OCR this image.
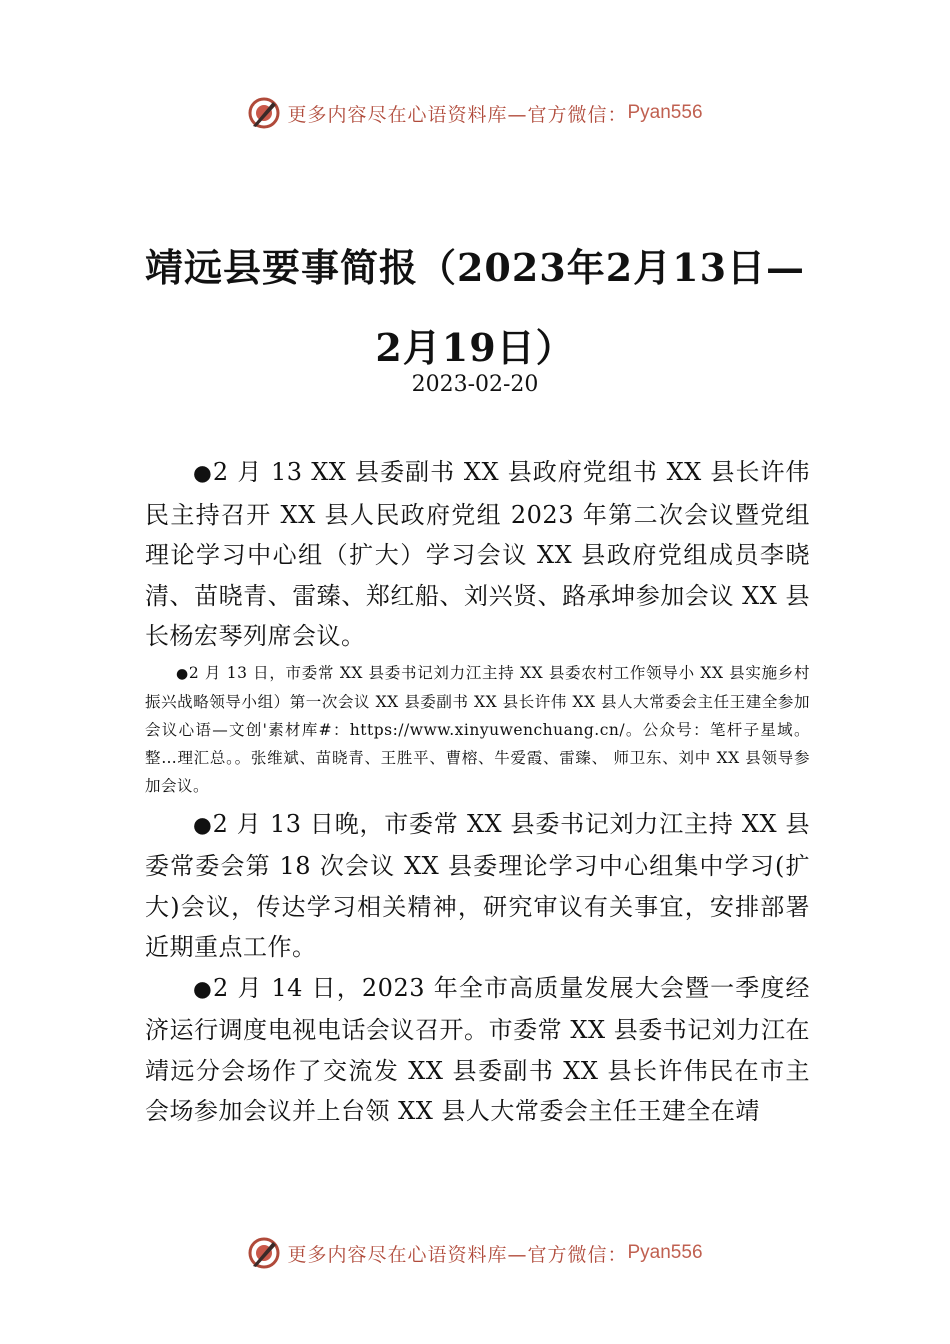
更多内容尽在心语资料库—官方微信： Pyan556
靖远县要事简报（2023年2月13日—2月19日）
2023-02-20

●2 月 13 XX 县委副书 XX 县政府党组书 XX 县长许伟民主持召开 XX 县人民政府党组 2023 年第二次会议暨党组理论学习中心组（扩大）学习会议 XX 县政府党组成员李晓清、苗晓青、雷臻、郑红船、刘兴贤、路承坤参加会议 XX 县长杨宏琴列席会议。

●2 月 13 日，市委常 XX 县委书记刘力江主持 XX 县委农村工作领导小 XX 县实施乡村振兴战略领导小组）第一次会议 XX 县委副书 XX 县长许伟 XX 县人大常委会主任王建全参加会议心语—文创'素材库#：https://www.xinyuwenchuang.cn/。公众号：笔杆子星域。整…理汇总。。张维斌、苗晓青、王胜平、曹榕、牛爱霞、雷臻、 师卫东、刘中 XX 县领导参加会议。

●2 月 13 日晚，市委常 XX 县委书记刘力江主持 XX 县委常委会第 18 次会议 XX 县委理论学习中心组集中学习(扩大)会议，传达学习相关精神，研究审议有关事宜，安排部署近期重点工作。

●2 月 14 日，2023 年全市高质量发展大会暨一季度经济运行调度电视电话会议召开。市委常 XX 县委书记刘力江在靖远分会场作了交流发 XX 县委副书 XX 县长许伟民在市主会场参加会议并上台领 XX 县人大常委会主任王建全在靖

更多内容尽在心语资料库—官方微信： Pyan556
